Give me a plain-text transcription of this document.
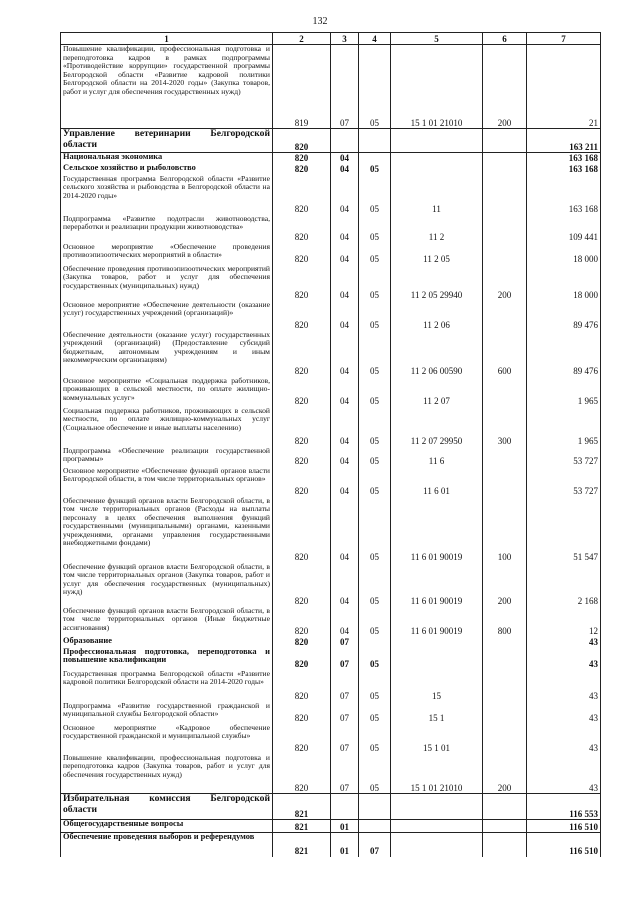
132
1	2	3	4	5	6	7
Повышение квалификации, профессиональная подготовка и переподготовка кадров в рамках подпрограммы «Противодействие коррупции» государственной программы Белгородской области «Развитие кадровой политики Белгородской области на 2014-2020 годы» (Закупка товаров, работ и услуг для обеспечения государственных нужд)	819	07	05	15 1 01 21010	200	21
Управление ветеринарии Белгородской области	820					163 211
Национальная экономика	820	04				163 168
Сельское хозяйство и рыболовство	820	04	05			163 168
Государственная программа Белгородской области «Развитие сельского хозяйства и рыбоводства в Белгородской области на 2014-2020 годы»	820	04	05	11		163 168
Подпрограмма «Развитие подотрасли животноводства, переработки и реализации продукции животноводства»	820	04	05	11 2		109 441
Основное мероприятие «Обеспечение проведения противоэпизоотических мероприятий в области»	820	04	05	11 2 05		18 000
Обеспечение проведения противоэпизоотических мероприятий (Закупка товаров, работ и услуг для обеспечения государственных (муниципальных) нужд)	820	04	05	11 2 05 29940	200	18 000
Основное мероприятие «Обеспечение деятельности (оказание услуг) государственных учреждений (организаций)»	820	04	05	11 2 06		89 476
Обеспечение деятельности (оказание услуг) государственных учреждений (организаций) (Предоставление субсидий бюджетным, автономным учреждениям и иным некоммерческим организациям)	820	04	05	11 2 06 00590	600	89 476
Основное мероприятие «Социальная поддержка работников, проживающих в сельской местности, по оплате жилищно-коммунальных услуг»	820	04	05	11 2 07		1 965
Социальная поддержка работников, проживающих в сельской местности, по оплате жилищно-коммунальных услуг (Социальное обеспечение и иные выплаты населению)	820	04	05	11 2 07 29950	300	1 965
Подпрограмма «Обеспечение реализации государственной программы»	820	04	05	11 6		53 727
Основное мероприятие «Обеспечение функций органов власти Белгородской области, в том числе территориальных органов»	820	04	05	11 6 01		53 727
Обеспечение функций органов власти Белгородской области, в том числе территориальных органов (Расходы на выплаты персоналу в целях обеспечения выполнения функций государственными (муниципальными) органами, казенными учреждениями, органами управления государственными внебюджетными фондами)	820	04	05	11 6 01 90019	100	51 547
Обеспечение функций органов власти Белгородской области, в том числе территориальных органов (Закупка товаров, работ и услуг для обеспечения государственных (муниципальных) нужд)	820	04	05	11 6 01 90019	200	2 168
Обеспечение функций органов власти Белгородской области, в том числе территориальных органов (Иные бюджетные ассигнования)	820	04	05	11 6 01 90019	800	12
Образование	820	07				43
Профессиональная подготовка, переподготовка и повышение квалификации	820	07	05			43
Государственная программа Белгородской области «Развитие кадровой политики Белгородской области на 2014-2020 годы»	820	07	05	15		43
Подпрограмма «Развитие государственной гражданской и муниципальной службы Белгородской области»	820	07	05	15 1		43
Основное мероприятие «Кадровое обеспечение государственной гражданской и муниципальной службы»	820	07	05	15 1 01		43
Повышение квалификации, профессиональная подготовка и переподготовка кадров (Закупка товаров, работ и услуг для обеспечения государственных нужд)	820	07	05	15 1 01 21010	200	43
Избирательная комиссия Белгородской области	821					116 553
Общегосударственные вопросы	821	01				116 510
Обеспечение проведения выборов и референдумов	821	01	07			116 510
